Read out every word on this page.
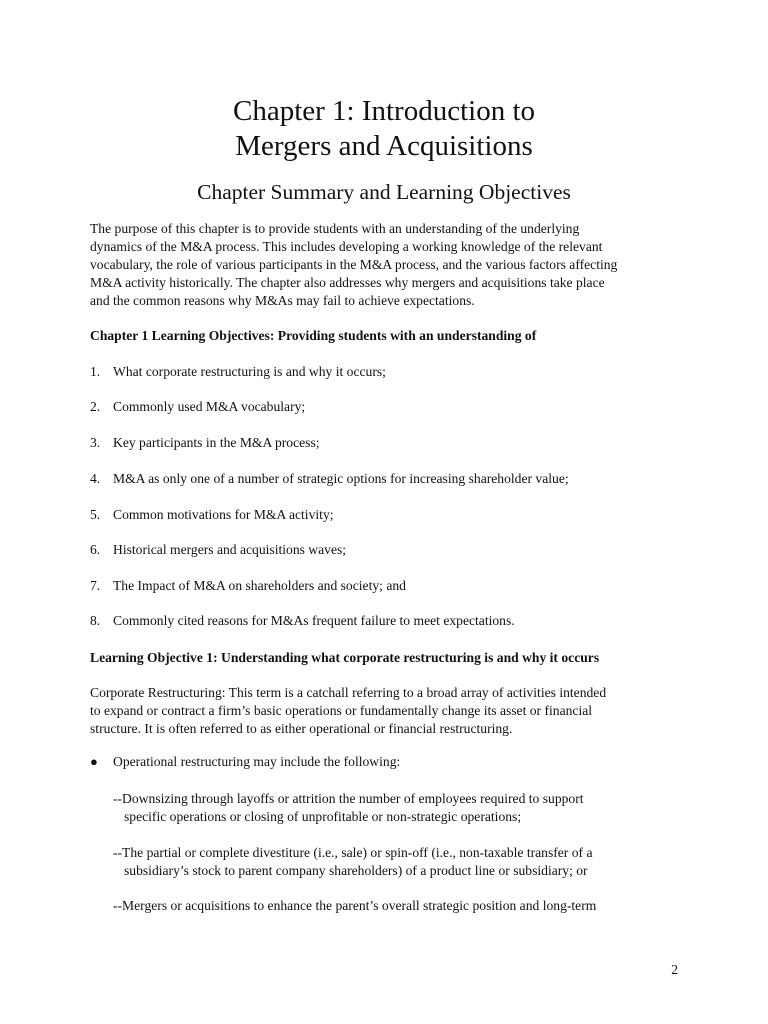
Chapter 1: Introduction to
Mergers and Acquisitions
Chapter Summary and Learning Objectives
The purpose of this chapter is to provide students with an understanding of the underlying
dynamics of the M&A process. This includes developing a working knowledge of the relevant
vocabulary, the role of various participants in the M&A process, and the various factors affecting
M&A activity historically. The chapter also addresses why mergers and acquisitions take place
and the common reasons why M&As may fail to achieve expectations.
Chapter 1 Learning Objectives: Providing students with an understanding of
1. What corporate restructuring is and why it occurs;
2. Commonly used M&A vocabulary;
3. Key participants in the M&A process;
4. M&A as only one of a number of strategic options for increasing shareholder value;
5. Common motivations for M&A activity;
6. Historical mergers and acquisitions waves;
7. The Impact of M&A on shareholders and society; and
8. Commonly cited reasons for M&As frequent failure to meet expectations.
Learning Objective 1: Understanding what corporate restructuring is and why it occurs
Corporate Restructuring: This term is a catchall referring to a broad array of activities intended
to expand or contract a firm’s basic operations or fundamentally change its asset or financial
structure. It is often referred to as either operational or financial restructuring.
● Operational restructuring may include the following:
--Downsizing through layoffs or attrition the number of employees required to support
specific operations or closing of unprofitable or non-strategic operations;
--The partial or complete divestiture (i.e., sale) or spin-off (i.e., non-taxable transfer of a
subsidiary’s stock to parent company shareholders) of a product line or subsidiary; or
--Mergers or acquisitions to enhance the parent’s overall strategic position and long-term
2
